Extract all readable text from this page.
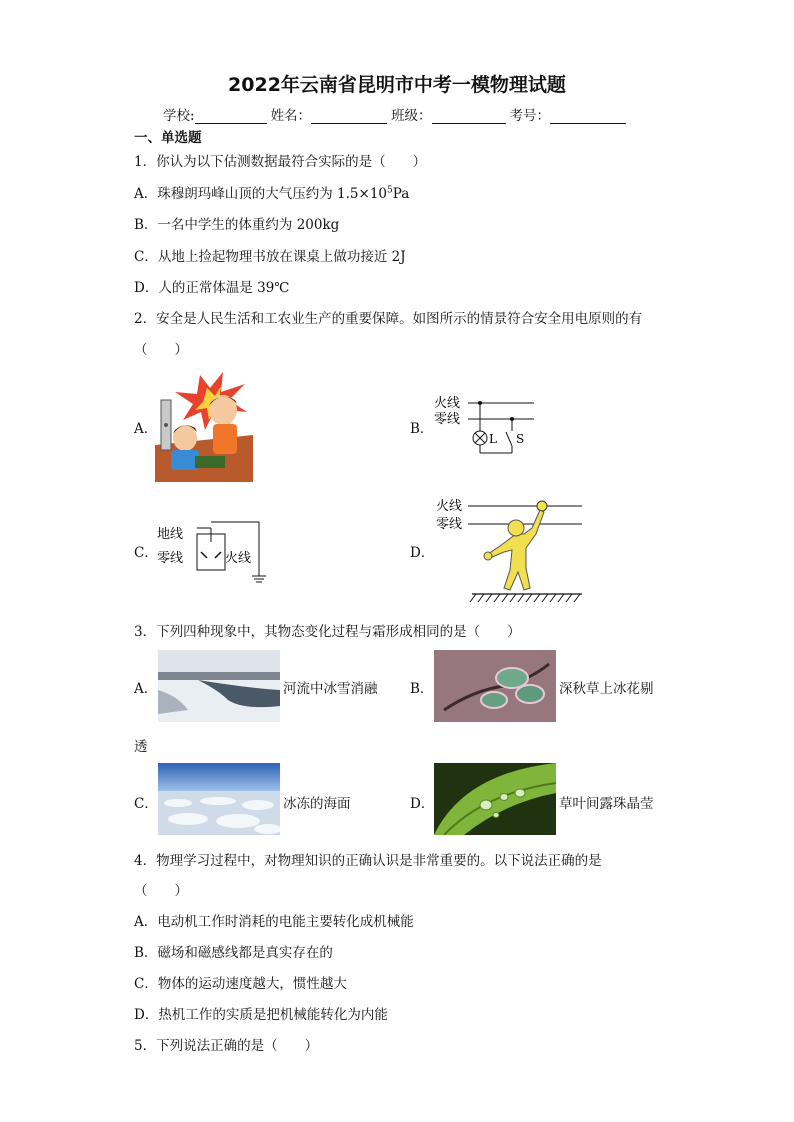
2022年云南省昆明市中考一模物理试题
学校:	姓名：	班级：	考号：
一、单选题
1．你认为以下估测数据最符合实际的是（　　）
A．珠穆朗玛峰山顶的大气压约为 $1.5\times 10^5Pa$
B．一名中学生的体重约为 200kg
C．从地上捡起物理书放在课桌上做功接近 2J
D．人的正常体温是 39℃
2．安全是人民生活和工农业生产的重要保障。如图所示的情景符合安全用电原则的有
（　　）
A．	B．
火线
零线
L S
C．
地线
零线	火线	D．
火线
零线
3．下列四种现象中，其物态变化过程与霜形成相同的是（　　）
A．	河流中冰雪消融 B．	深秋草上冰花剔
透
C．	冰冻的海面	D．	草叶间露珠晶莹
4．物理学习过程中，对物理知识的正确认识是非常重要的。以下说法正确的是
（　　）
A．电动机工作时消耗的电能主要转化成机械能
B．磁场和磁感线都是真实存在的
C．物体的运动速度越大，惯性越大
D．热机工作的实质是把机械能转化为内能
5．下列说法正确的是（　　）
